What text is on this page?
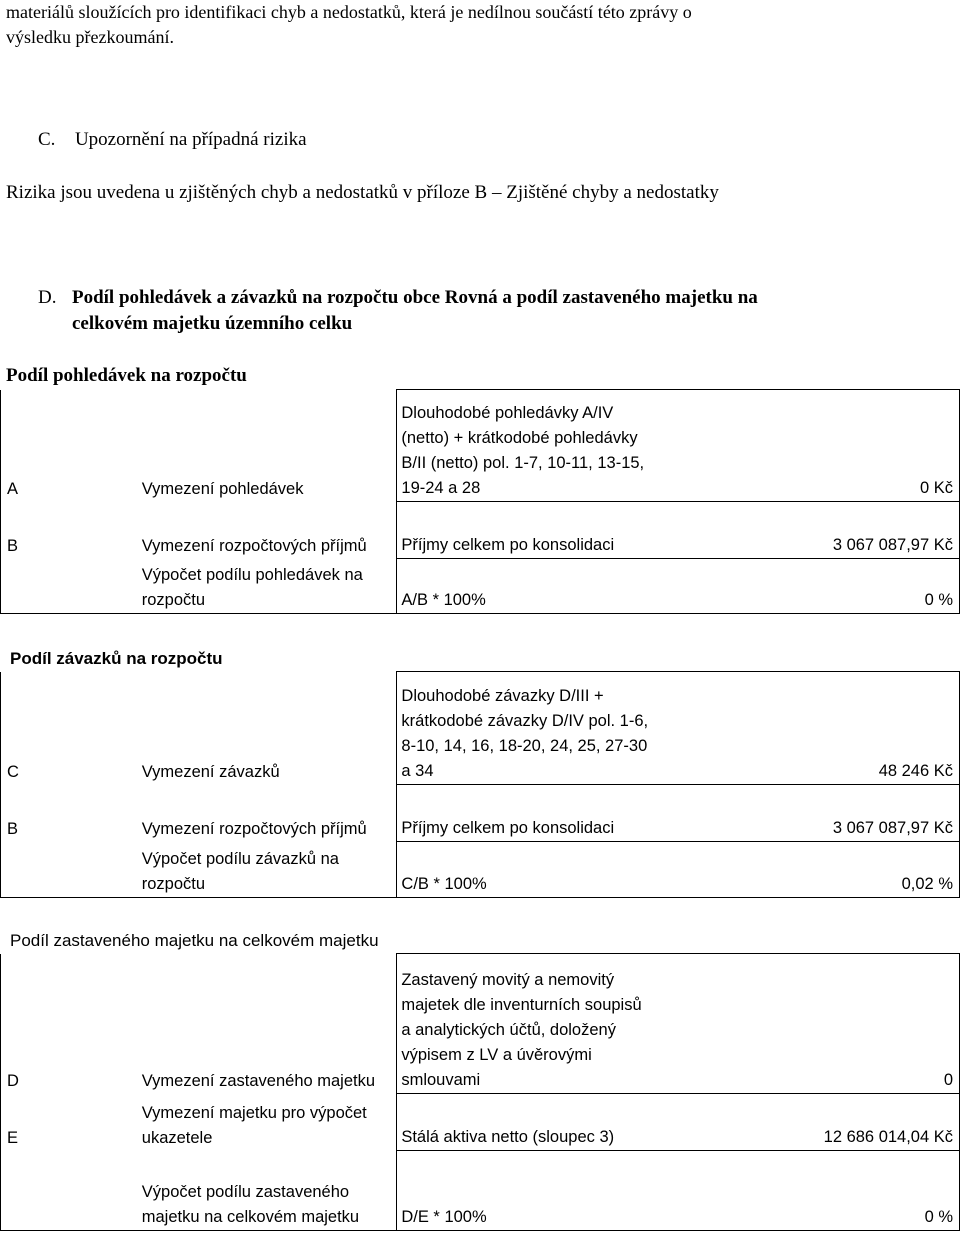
materiálů sloužících pro identifikaci chyb a nedostatků, která je nedílnou součástí této zprávy o
výsledku přezkoumání.
C. Upozornění na případná rizika
Rizika jsou uvedena u zjištěných chyb a nedostatků v příloze B – Zjištěné chyby a nedostatky
D. Podíl pohledávek a závazků na rozpočtu obce Rovná a podíl zastaveného majetku na
celkovém majetku územního celku
Podíl pohledávek na rozpočtu
A	Vymezení pohledávek	Dlouhodobé pohledávky A/IV (netto) + krátkodobé pohledávky B/II (netto) pol. 1-7, 10-11, 13-15, 19-24 a 28	0 Kč
B	Vymezení rozpočtových příjmů	Příjmy celkem po konsolidaci	3 067 087,97 Kč
	Výpočet podílu pohledávek na rozpočtu	A/B * 100%	0 %
Podíl závazků na rozpočtu
C	Vymezení závazků	Dlouhodobé závazky D/III + krátkodobé závazky D/IV pol. 1-6, 8-10, 14, 16, 18-20, 24, 25, 27-30 a 34	48 246 Kč
B	Vymezení rozpočtových příjmů	Příjmy celkem po konsolidaci	3 067 087,97 Kč
	Výpočet podílu závazků na rozpočtu	C/B * 100%	0,02 %
Podíl zastaveného majetku na celkovém majetku
D	Vymezení zastaveného majetku	Zastavený movitý a nemovitý majetek dle inventurních soupisů a analytických účtů, doložený výpisem z LV a úvěrovými smlouvami	0
E	Vymezení majetku pro výpočet ukazetele	Stálá aktiva netto (sloupec 3)	12 686 014,04 Kč
	Výpočet podílu zastaveného majetku na celkovém majetku	D/E * 100%	0 %
